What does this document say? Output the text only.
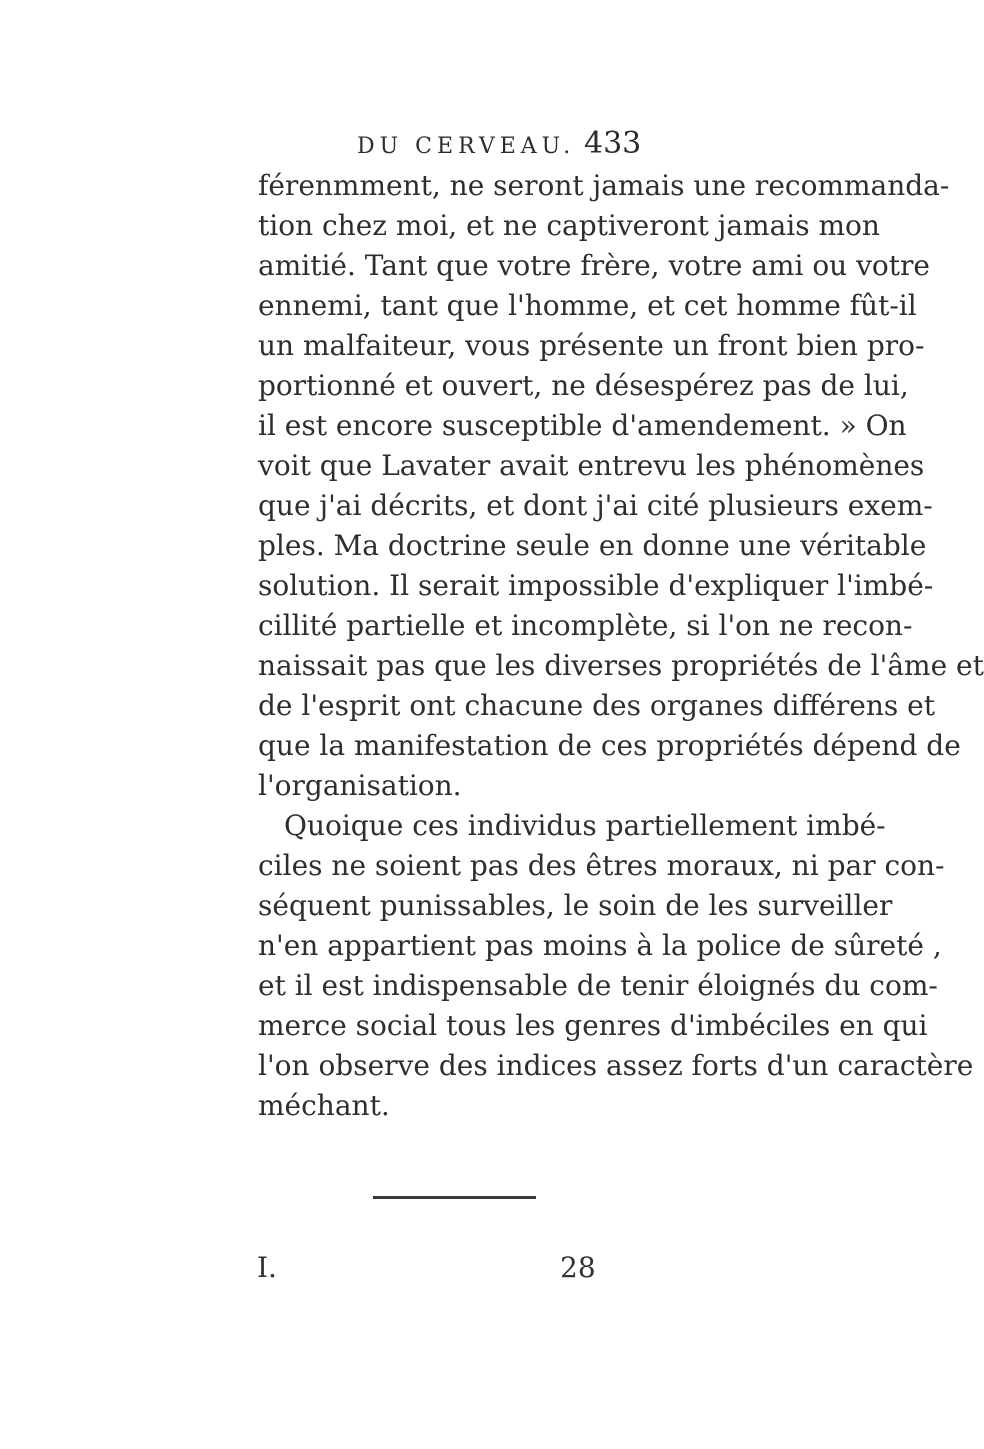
DU CERVEAU. 433
férenmment, ne seront jamais une recommanda-
tion chez moi, et ne captiveront jamais mon
amitié. Tant que votre frère, votre ami ou votre
ennemi, tant que l'homme, et cet homme fût-il
un malfaiteur, vous présente un front bien pro-
portionné et ouvert, ne désespérez pas de lui,
il est encore susceptible d'amendement. » On
voit que Lavater avait entrevu les phénomènes
que j'ai décrits, et dont j'ai cité plusieurs exem-
ples. Ma doctrine seule en donne une véritable
solution. Il serait impossible d'expliquer l'imbé-
cillité partielle et incomplète, si l'on ne recon-
naissait pas que les diverses propriétés de l'âme et
de l'esprit ont chacune des organes différens et
que la manifestation de ces propriétés dépend de
l'organisation.
Quoique ces individus partiellement imbé-
ciles ne soient pas des êtres moraux, ni par con-
séquent punissables, le soin de les surveiller
n'en appartient pas moins à la police de sûreté ,
et il est indispensable de tenir éloignés du com-
merce social tous les genres d'imbéciles en qui
l'on observe des indices assez forts d'un caractère
méchant.
I.	28
